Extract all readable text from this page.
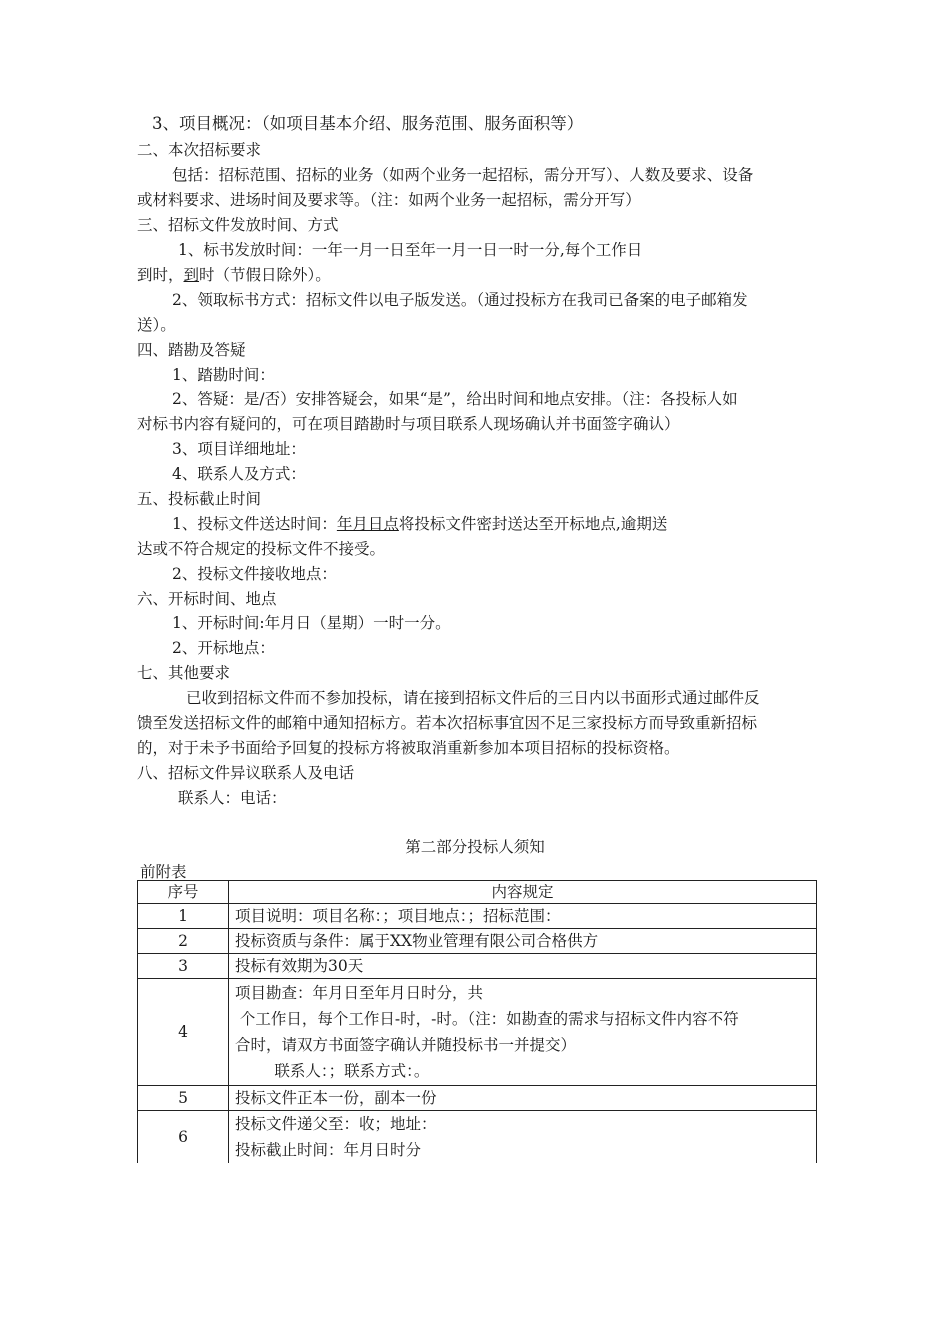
3、项目概况：（如项目基本介绍、服务范围、服务面积等）
二、本次招标要求
包括：招标范围、招标的业务（如两个业务一起招标，需分开写）、人数及要求、设备
或材料要求、进场时间及要求等。（注：如两个业务一起招标，需分开写）
三、招标文件发放时间、方式
1、标书发放时间：一年一月一日至年一月一日一时一分,每个工作日
到时，到时（节假日除外）。
2、领取标书方式：招标文件以电子版发送。（通过投标方在我司已备案的电子邮箱发
送）。
四、踏勘及答疑
1、踏勘时间：
2、答疑：是/否）安排答疑会，如果“是”，给出时间和地点安排。（注：各投标人如
对标书内容有疑问的，可在项目踏勘时与项目联系人现场确认并书面签字确认）
3、项目详细地址：
4、联系人及方式：
五、投标截止时间
1、投标文件送达时间：年月日点将投标文件密封送达至开标地点,逾期送
达或不符合规定的投标文件不接受。
2、投标文件接收地点：
六、开标时间、地点
1、开标时间:年月日（星期）一时一分。
2、开标地点：
七、其他要求
已收到招标文件而不参加投标，请在接到招标文件后的三日内以书面形式通过邮件反
馈至发送招标文件的邮箱中通知招标方。若本次招标事宜因不足三家投标方而导致重新招标
的，对于未予书面给予回复的投标方将被取消重新参加本项目招标的投标资格。
八、招标文件异议联系人及电话
联系人：电话：
第二部分投标人须知
前附表
序号	内容规定
1	项目说明：项目名称：；项目地点：；招标范围：

2	投标资质与条件：属于XX物业管理有限公司合格供方

3	投标有效期为30天

4	项目勘查：年月日至年月日时分，共
个工作日，每个工作日-时，-时。（注：如勘查的需求与招标文件内容不符
合时，请双方书面签字确认并随投标书一并提交）
联系人：；联系方式：。

5	投标文件正本一份，副本一份

6	投标文件递父至：收；地址：
投标截止时间：年月日时分
